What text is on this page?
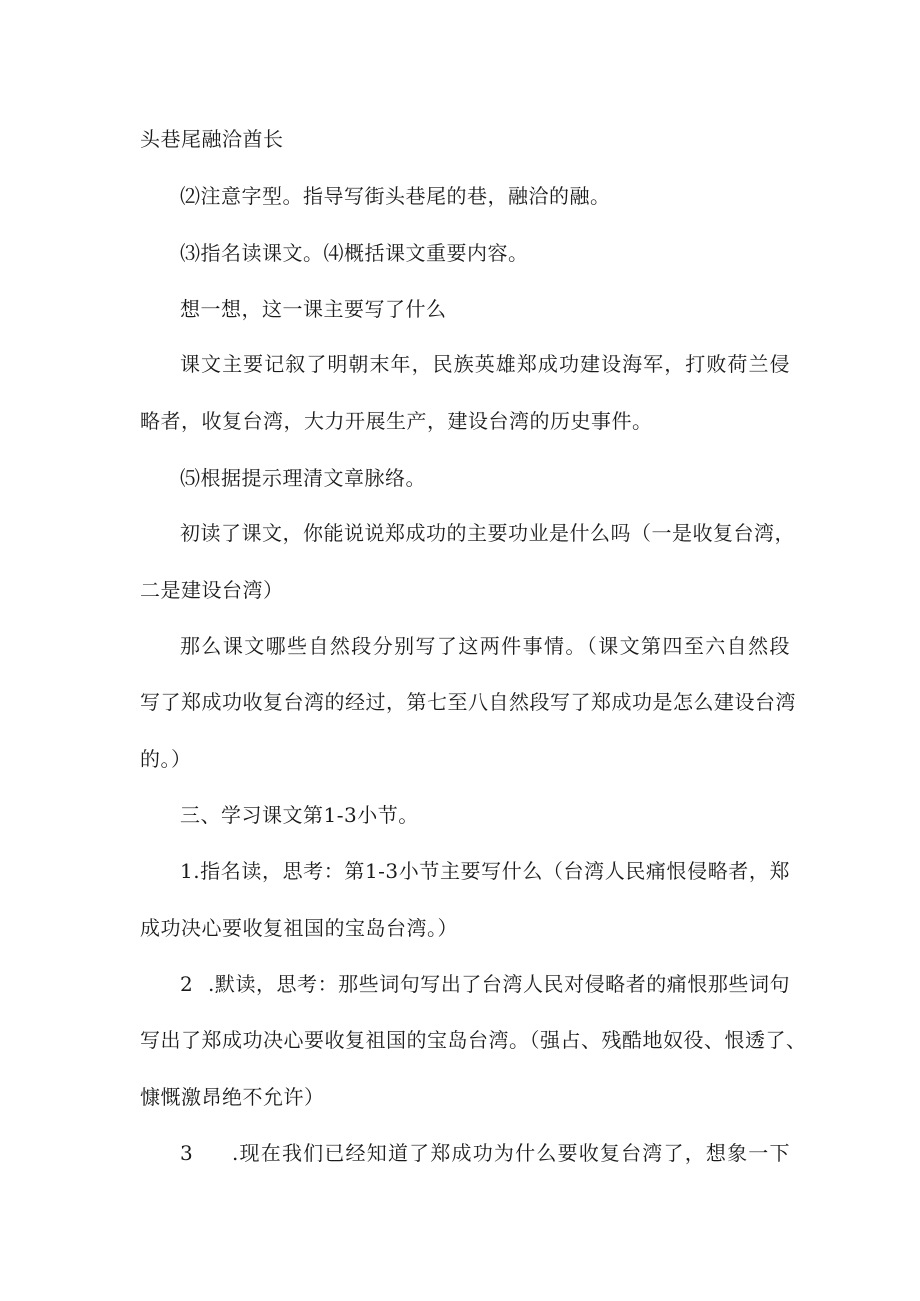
头巷尾融洽酋长
⑵注意字型。指导写街头巷尾的巷，融洽的融。
⑶指名读课文。⑷概括课文重要内容。
想一想，这一课主要写了什么
课文主要记叙了明朝末年，民族英雄郑成功建设海军，打败荷兰侵
略者，收复台湾，大力开展生产，建设台湾的历史事件。
⑸根据提示理清文章脉络。
初读了课文，你能说说郑成功的主要功业是什么吗（一是收复台湾，
二是建设台湾）
那么课文哪些自然段分别写了这两件事情。（课文第四至六自然段
写了郑成功收复台湾的经过，第七至八自然段写了郑成功是怎么建设台湾
的。）
三、学习课文第1-3小节。
1.指名读，思考：第1-3小节主要写什么（台湾人民痛恨侵略者，郑
成功决心要收复祖国的宝岛台湾。）
2 .默读，思考：那些词句写出了台湾人民对侵略者的痛恨那些词句
写出了郑成功决心要收复祖国的宝岛台湾。（强占、残酷地奴役、恨透了、
慷慨激昂绝不允许）
3	.现在我们已经知道了郑成功为什么要收复台湾了，想象一下
